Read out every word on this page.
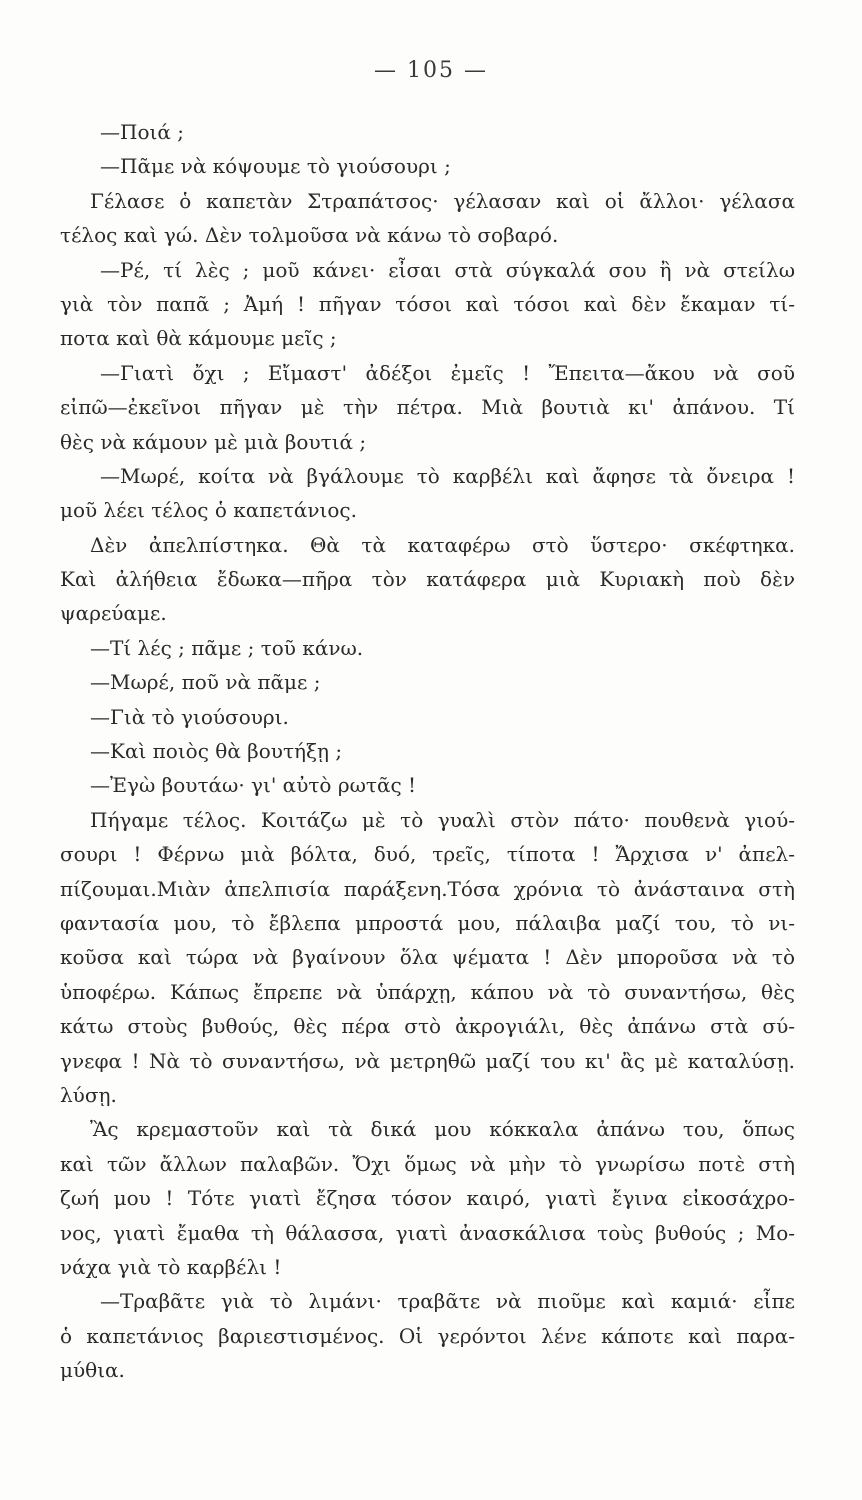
— 105 —
—Ποιά ;
—Πᾶμε νὰ κόψουμε τὸ γιούσουρι ;
Γέλασε ὁ καπετὰν Στραπάτσος· γέλασαν καὶ οἱ ἄλλοι· γέλασα
τέλος καὶ γώ. Δὲν τολμοῦσα νὰ κάνω τὸ σοβαρό.
—Ρέ, τί λὲς ; μοῦ κάνει· εἶσαι στὰ σύγκαλά σου ἢ νὰ στείλω
γιὰ τὸν παπᾶ ; Ἀμή ! πῆγαν τόσοι καὶ τόσοι καὶ δὲν ἔκαμαν τί-
ποτα καὶ θὰ κάμουμε μεῖς ;
—Γιατὶ ὄχι ; Εἴμαστ' ἀδέξοι ἐμεῖς ! Ἔπειτα—ἄκου νὰ σοῦ
εἰπῶ—ἐκεῖνοι πῆγαν μὲ τὴν πέτρα. Μιὰ βουτιὰ κι' ἀπάνου. Τί
θὲς νὰ κάμουν μὲ μιὰ βουτιά ;
—Μωρέ, κοίτα νὰ βγάλουμε τὸ καρβέλι καὶ ἄφησε τὰ ὄνειρα !
μοῦ λέει τέλος ὁ καπετάνιος.
Δὲν ἀπελπίστηκα. Θὰ τὰ καταφέρω στὸ ὕστερο· σκέφτηκα.
Καὶ ἀλήθεια ἔδωκα—πῆρα τὸν κατάφερα μιὰ Κυριακὴ ποὺ δὲν
ψαρεύαμε.
—Τί λές ; πᾶμε ; τοῦ κάνω.
—Μωρέ, ποῦ νὰ πᾶμε ;
—Γιὰ τὸ γιούσουρι.
—Καὶ ποιὸς θὰ βουτήξῃ ;
—Ἐγὼ βουτάω· γι' αὐτὸ ρωτᾶς !
Πήγαμε τέλος. Κοιτάζω μὲ τὸ γυαλὶ στὸν πάτο· πουθενὰ γιού-
σουρι ! Φέρνω μιὰ βόλτα, δυό, τρεῖς, τίποτα ! Ἄρχισα ν' ἀπελ-
πίζουμαι.Μιὰν ἀπελπισία παράξενη.Τόσα χρόνια τὸ ἀνάσταινα στὴ
φαντασία μου, τὸ ἔβλεπα μπροστά μου, πάλαιβα μαζί του, τὸ νι-
κοῦσα καὶ τώρα νὰ βγαίνουν ὅλα ψέματα ! Δὲν μποροῦσα νὰ τὸ
ὑποφέρω. Κάπως ἔπρεπε νὰ ὑπάρχῃ, κάπου νὰ τὸ συναντήσω, θὲς
κάτω στοὺς βυθούς, θὲς πέρα στὸ ἀκρογιάλι, θὲς ἀπάνω στὰ σύ-
γνεφα ! Νὰ τὸ συναντήσω, νὰ μετρηθῶ μαζί του κι' ἂς μὲ καταλύσῃ.
λύσῃ.
Ἂς κρεμαστοῦν καὶ τὰ δικά μου κόκκαλα ἀπάνω του, ὅπως
καὶ τῶν ἄλλων παλαβῶν. Ὄχι ὅμως νὰ μὴν τὸ γνωρίσω ποτὲ στὴ
ζωή μου ! Τότε γιατὶ ἔζησα τόσον καιρό, γιατὶ ἔγινα εἰκοσάχρο-
νος, γιατὶ ἔμαθα τὴ θάλασσα, γιατὶ ἀνασκάλισα τοὺς βυθούς ; Μο-
νάχα γιὰ τὸ καρβέλι !
—Τραβᾶτε γιὰ τὸ λιμάνι· τραβᾶτε νὰ πιοῦμε καὶ καμιά· εἶπε
ὁ καπετάνιος βαριεστισμένος. Οἱ γερόντοι λένε κάποτε καὶ παρα-
μύθια.
